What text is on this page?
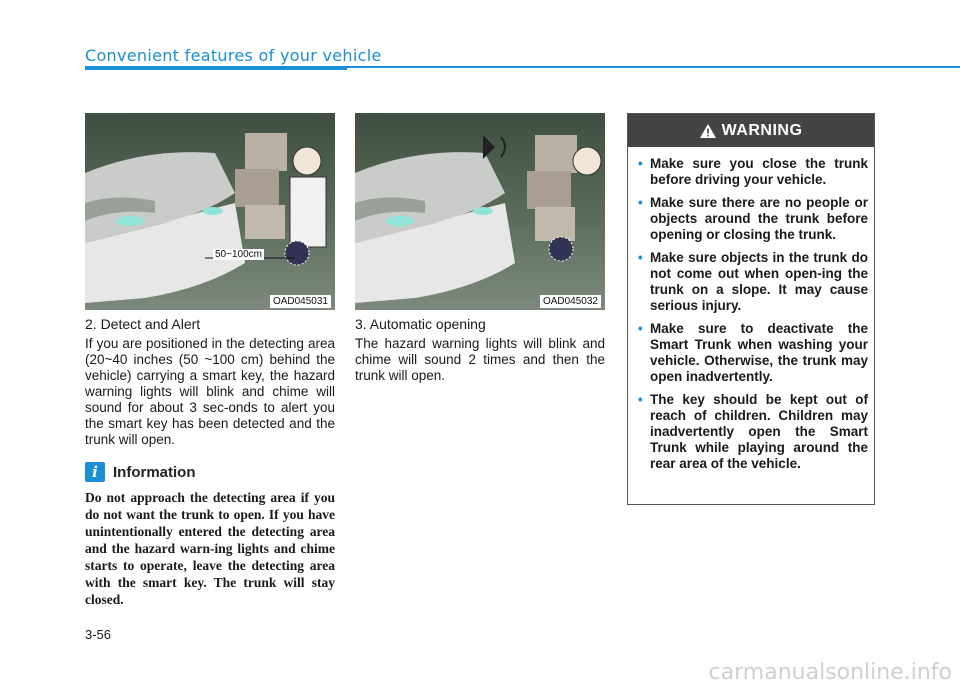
Convenient features of your vehicle
50~100cm
OAD045031	OAD045032
2. Detect and Alert
If you are positioned in the detecting area (20~40 inches (50 ~100 cm) behind the vehicle) carrying a smart key, the hazard warning lights will blink and chime will sound for about 3 sec-onds to alert you the smart key has been detected and the trunk will open.
i	Information
Do not approach the detecting area if you do not want the trunk to open. If you have unintentionally entered the detecting area and the hazard warn-ing lights and chime starts to operate, leave the detecting area with the smart key. The trunk will stay closed.
3. Automatic opening
The hazard warning lights will blink and chime will sound 2 times and then the trunk will open.
WARNING
• Make sure you close the trunk before driving your vehicle.
• Make sure there are no people or objects around the trunk before opening or closing the trunk.
• Make sure objects in the trunk do not come out when open-ing the trunk on a slope. It may cause serious injury.
• Make sure to deactivate the Smart Trunk when washing your vehicle. Otherwise, the trunk may open inadvertently.
• The key should be kept out of reach of children. Children may inadvertently open the Smart Trunk while playing around the rear area of the vehicle.
3-56
carmanualsonline.info
